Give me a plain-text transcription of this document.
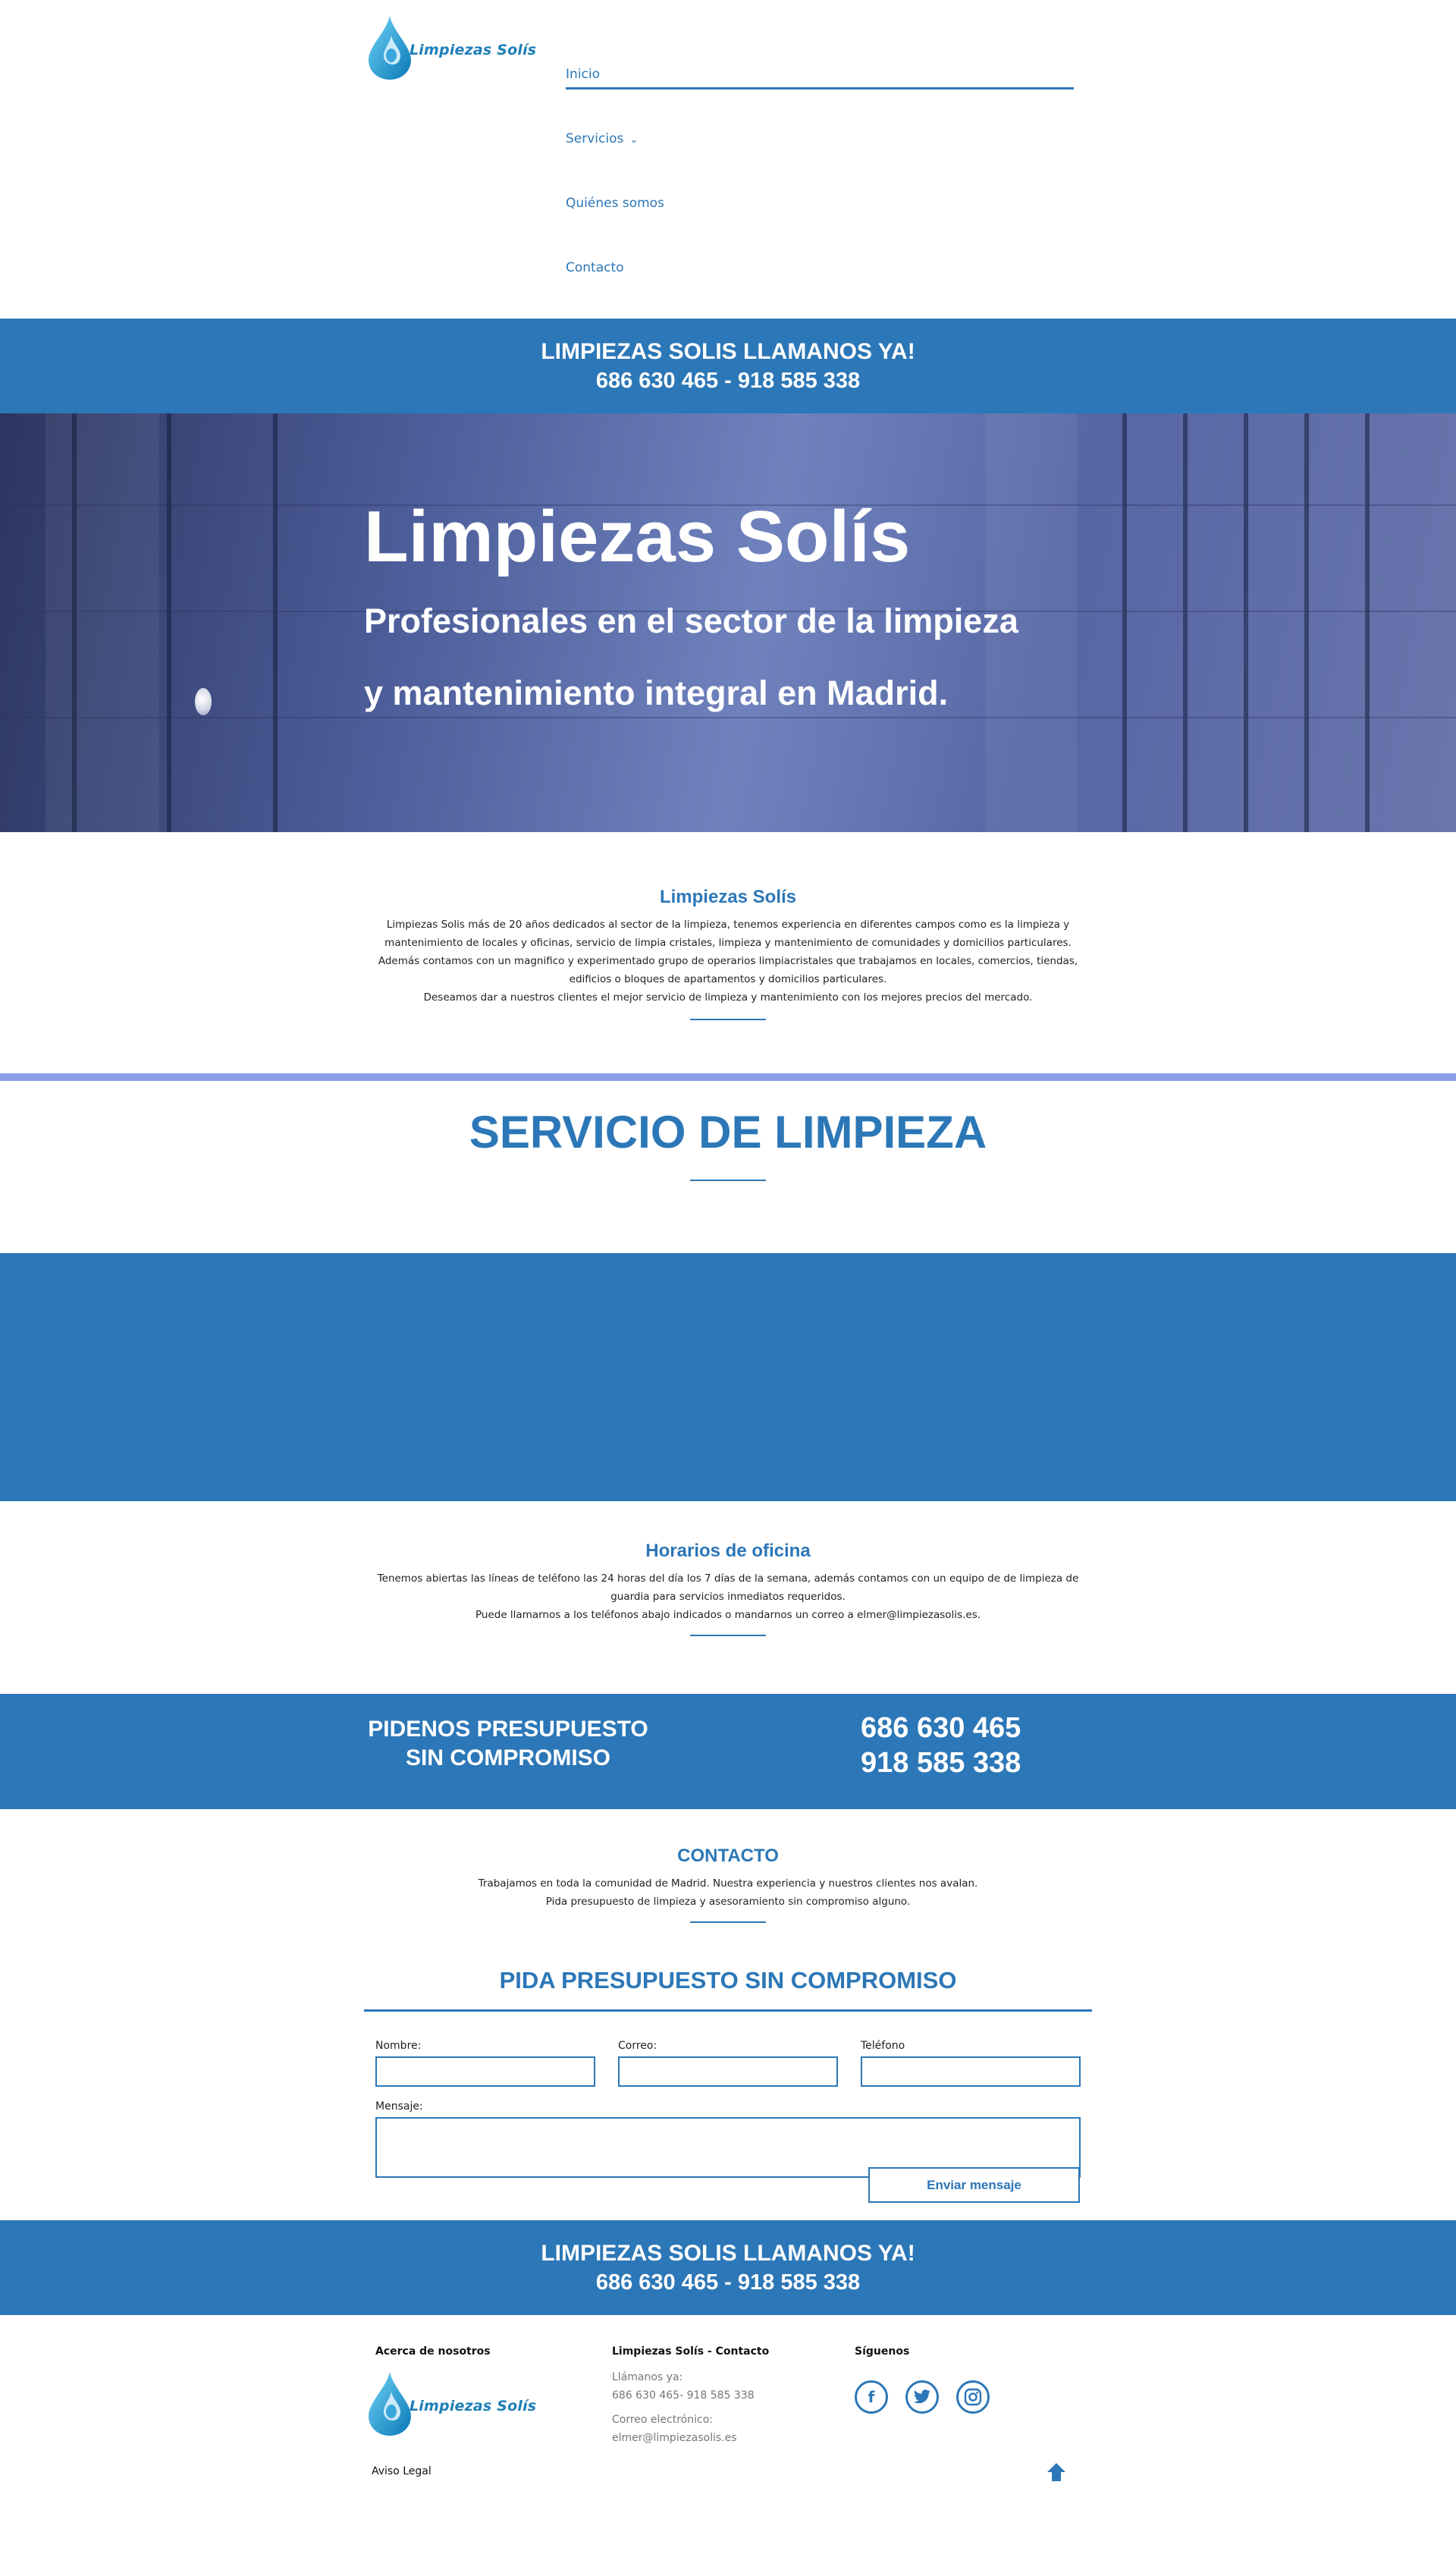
Limpiezas Solís
Inicio
Servicios ⌄
Quiénes somos
Contacto
LIMPIEZAS SOLIS LLAMANOS YA!
686 630 465 - 918 585 338
Limpiezas Solís

Profesionales en el sector de la limpieza y mantenimiento integral en Madrid.

Limpiezas Solís
Limpiezas Solis más de 20 años dedicados al sector de la limpieza, tenemos experiencia en diferentes campos como es la limpieza y
mantenimiento de locales y oficinas, servicio de limpia cristales, limpieza y mantenimiento de comunidades y domicilios particulares.
Además contamos con un magnifico y experimentado grupo de operarios limpiacristales que trabajamos en locales, comercios, tiendas,
edificios o bloques de apartamentos y domicilios particulares.
Deseamos dar a nuestros clientes el mejor servicio de limpieza y mantenimiento con los mejores precios del mercado.
SERVICIO DE LIMPIEZA
Horarios de oficina
Tenemos abiertas las líneas de teléfono las 24 horas del día los 7 días de la semana, además contamos con un equipo de de limpieza de
guardia para servicios inmediatos requeridos.
Puede llamarnos a los teléfonos abajo indicados o mandarnos un correo a elmer@limpiezasolis.es.
PIDENOS PRESUPUESTO
SIN COMPROMISO
686 630 465
918 585 338
CONTACTO
Trabajamos en toda la comunidad de Madrid. Nuestra experiencia y nuestros clientes nos avalan.
Pida presupuesto de limpieza y asesoramiento sin compromiso alguno.
PIDA PRESUPUESTO SIN COMPROMISO
Nombre:	Correo:	Teléfono
Mensaje:
Enviar mensaje
LIMPIEZAS SOLIS LLAMANOS YA!
686 630 465 - 918 585 338
Acerca de nosotros
Limpiezas Solís
Limpiezas Solís - Contacto
Llámanos ya:
686 630 465- 918 585 338
Correo electrónico:
elmer@limpiezasolis.es
Síguenos
f
Aviso Legal
